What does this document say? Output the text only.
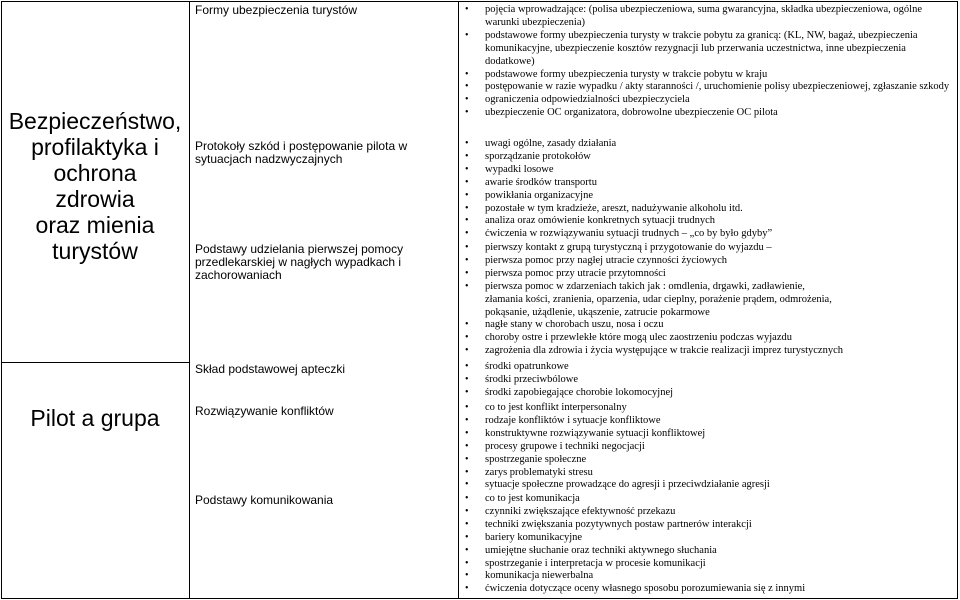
Bezpieczeństwo,
profilaktyka i
ochrona
zdrowia
oraz mienia
turystów
Pilot a grupa
Formy ubezpieczenia turystów
Protokoły szkód i postępowanie pilota w
sytuacjach nadzwyczajnych
Podstawy udzielania pierwszej pomocy
przedlekarskiej w nagłych wypadkach i
zachorowaniach
Skład podstawowej apteczki
Rozwiązywanie konfliktów
Podstawy komunikowania
• pojęcia wprowadzające: (polisa ubezpieczeniowa, suma gwarancyjna, składka ubezpieczeniowa, ogólne warunki ubezpieczenia)
• podstawowe formy ubezpieczenia turysty w trakcie pobytu za granicą: (KL, NW, bagaż, ubezpieczenia komunikacyjne, ubezpieczenie kosztów rezygnacji lub przerwania uczestnictwa, inne ubezpieczenia dodatkowe)
• podstawowe formy ubezpieczenia turysty w trakcie pobytu w kraju
• postępowanie w razie wypadku / akty staranności /, uruchomienie polisy ubezpieczeniowej, zgłaszanie szkody
• ograniczenia odpowiedzialności ubezpieczyciela
• ubezpieczenie OC organizatora, dobrowolne ubezpieczenie OC pilota
• uwagi ogólne, zasady działania
• sporządzanie protokołów
• wypadki losowe
• awarie środków transportu
• powikłania organizacyjne
• pozostałe w tym kradzieże, areszt, nadużywanie alkoholu itd.
• analiza oraz omówienie konkretnych sytuacji trudnych
• ćwiczenia w rozwiązywaniu sytuacji trudnych – „co by było gdyby”
• pierwszy kontakt z grupą turystyczną i przygotowanie do wyjazdu –
• pierwsza pomoc przy nagłej utracie czynności życiowych
• pierwsza pomoc przy utracie przytomności
• pierwsza pomoc w zdarzeniach takich jak : omdlenia, drgawki, zadławienie,
złamania kości, zranienia, oparzenia, udar cieplny, porażenie prądem, odmrożenia,
pokąsanie, użądlenie, ukąszenie, zatrucie pokarmowe
• nagłe stany w chorobach uszu, nosa i oczu
• choroby ostre i przewlekłe które mogą ulec zaostrzeniu podczas wyjazdu
• zagrożenia dla zdrowia i życia występujące w trakcie realizacji imprez turystycznych
• środki opatrunkowe
• środki przeciwbólowe
• środki zapobiegające chorobie lokomocyjnej
• co to jest konflikt interpersonalny
• rodzaje konfliktów i sytuacje konfliktowe
• konstruktywne rozwiązywanie sytuacji konfliktowej
• procesy grupowe i techniki negocjacji
• spostrzeganie społeczne
• zarys problematyki stresu
• sytuacje społeczne prowadzące do agresji i przeciwdziałanie agresji
• co to jest komunikacja
• czynniki zwiększające efektywność przekazu
• techniki zwiększania pozytywnych postaw partnerów interakcji
• bariery komunikacyjne
• umiejętne słuchanie oraz techniki aktywnego słuchania
• spostrzeganie i interpretacja w procesie komunikacji
• komunikacja niewerbalna
• ćwiczenia dotyczące oceny własnego sposobu porozumiewania się z innymi
